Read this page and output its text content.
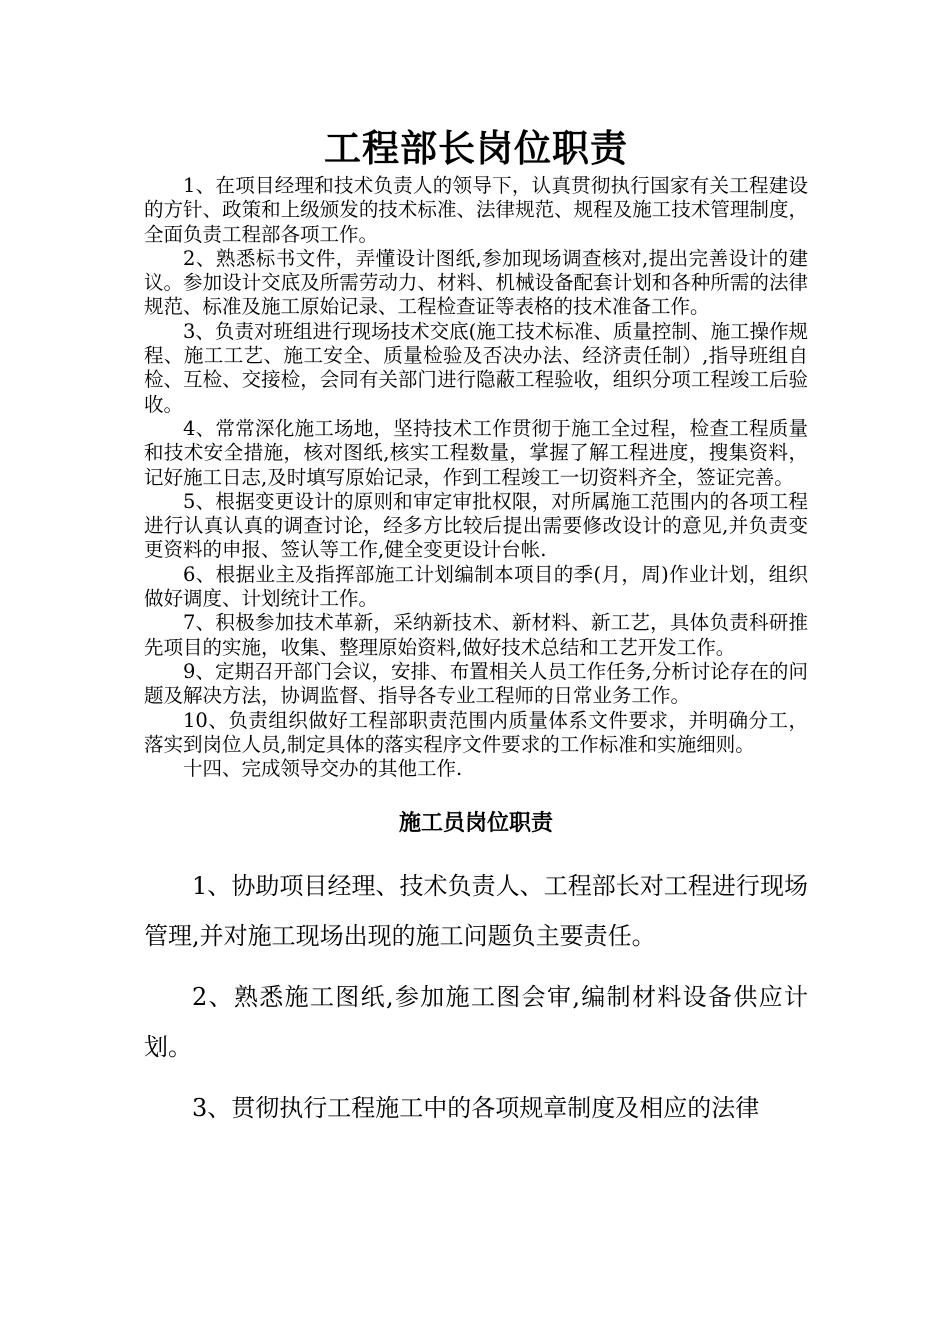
工程部长岗位职责

1、在项目经理和技术负责人的领导下，认真贯彻执行国家有关工程建设的方针、政策和上级颁发的技术标准、法律规范、规程及施工技术管理制度，全面负责工程部各项工作。

2、熟悉标书文件，弄懂设计图纸,参加现场调查核对,提出完善设计的建议。参加设计交底及所需劳动力、材料、机械设备配套计划和各种所需的法律规范、标准及施工原始记录、工程检查证等表格的技术准备工作。

3、负责对班组进行现场技术交底(施工技术标准、质量控制、施工操作规程、施工工艺、施工安全、质量检验及否决办法、经济责任制）,指导班组自检、互检、交接检，会同有关部门进行隐蔽工程验收，组织分项工程竣工后验收。

4、常常深化施工场地，坚持技术工作贯彻于施工全过程，检查工程质量和技术安全措施，核对图纸,核实工程数量，掌握了解工程进度，搜集资料，记好施工日志,及时填写原始记录，作到工程竣工一切资料齐全，签证完善。

5、根据变更设计的原则和审定审批权限，对所属施工范围内的各项工程进行认真认真的调查讨论，经多方比较后提出需要修改设计的意见,并负责变更资料的申报、签认等工作,健全变更设计台帐.

6、根据业主及指挥部施工计划编制本项目的季(月，周)作业计划，组织做好调度、计划统计工作。

7、积极参加技术革新，采纳新技术、新材料、新工艺，具体负责科研推先项目的实施，收集、整理原始资料,做好技术总结和工艺开发工作。

9、定期召开部门会议，安排、布置相关人员工作任务,分析讨论存在的问题及解决方法，协调监督、指导各专业工程师的日常业务工作。

10、负责组织做好工程部职责范围内质量体系文件要求，并明确分工，落实到岗位人员,制定具体的落实程序文件要求的工作标准和实施细则。

十四、完成领导交办的其他工作.

施工员岗位职责

1、协助项目经理、技术负责人、工程部长对工程进行现场管理,并对施工现场出现的施工问题负主要责任。

2、熟悉施工图纸,参加施工图会审,编制材料设备供应计划。

3、贯彻执行工程施工中的各项规章制度及相应的法律
